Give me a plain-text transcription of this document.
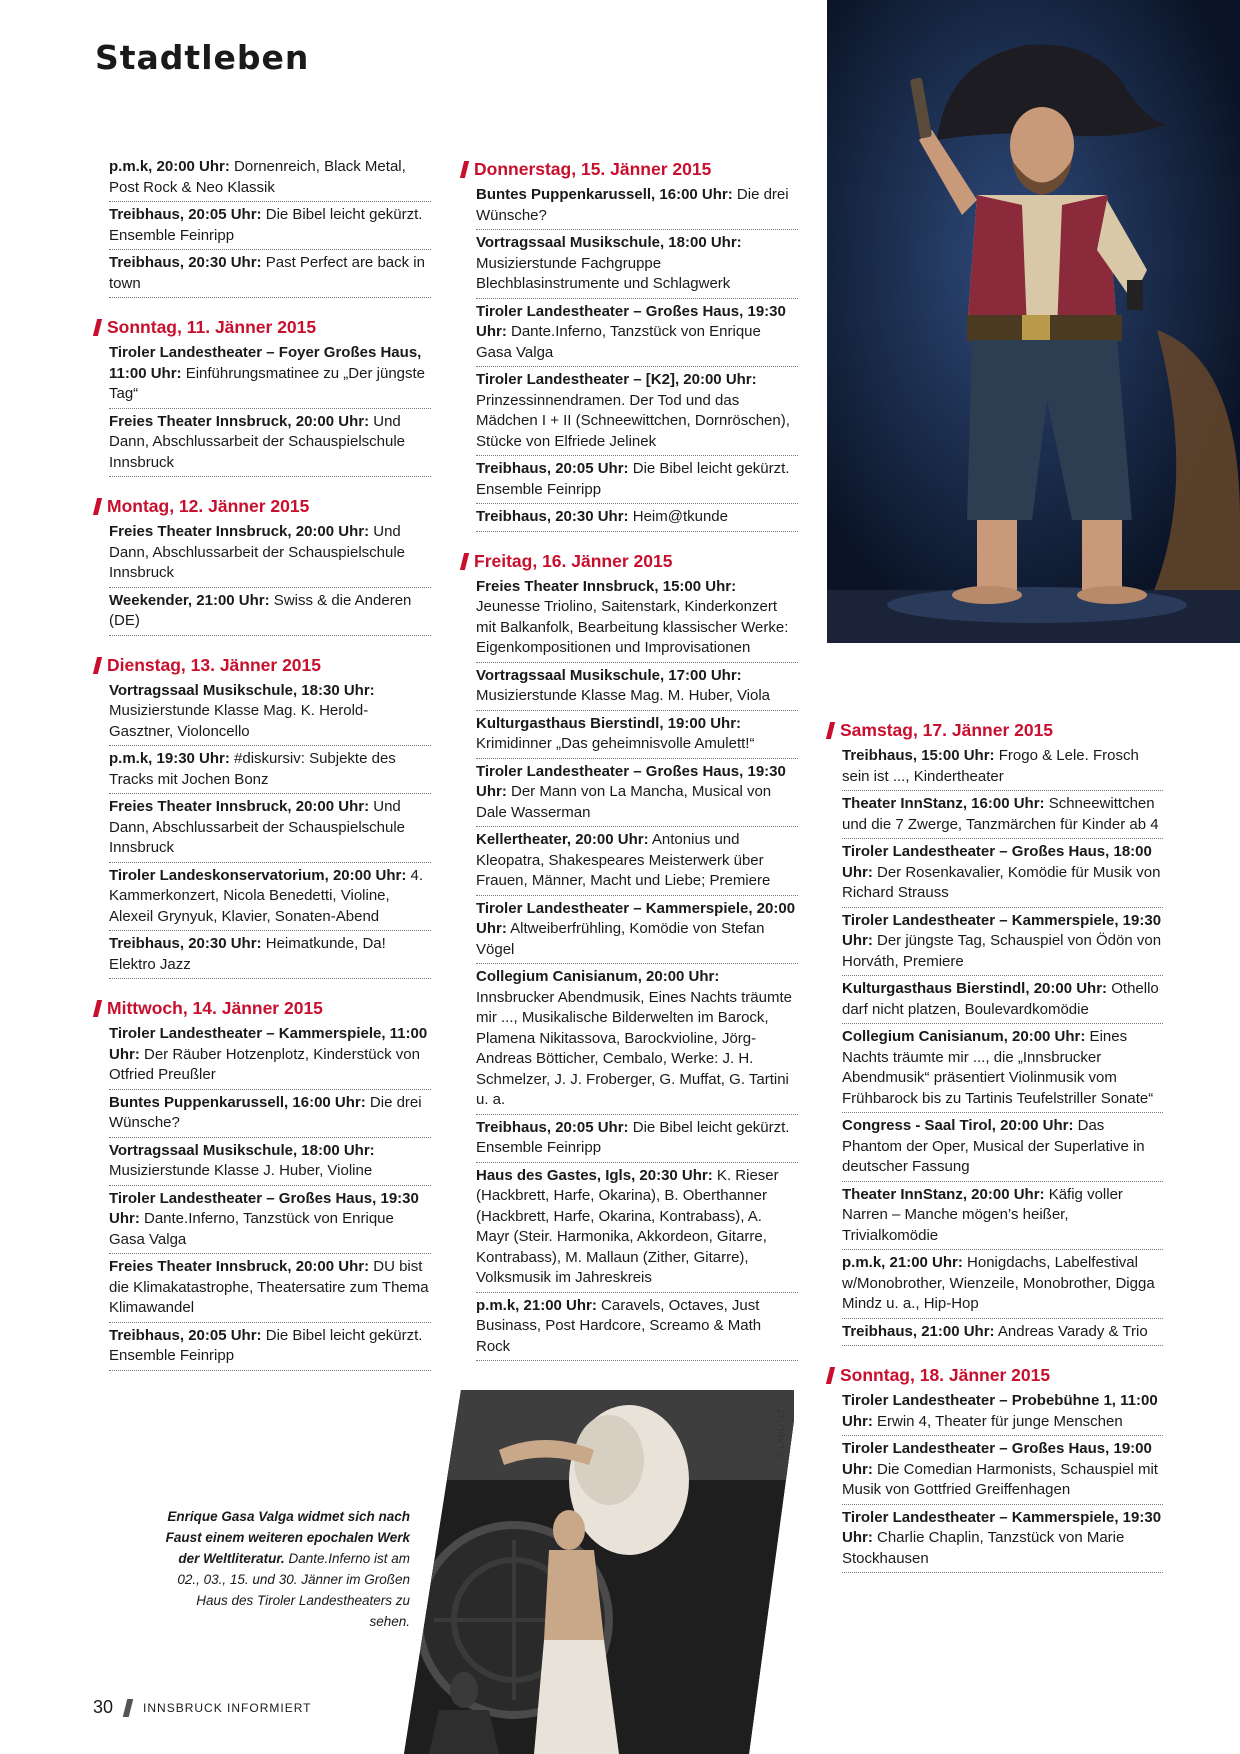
Stadtleben
p.m.k, 20:00 Uhr: Dornenreich, Black Metal, Post Rock & Neo Klassik
Treibhaus, 20:05 Uhr: Die Bibel leicht gekürzt. Ensemble Feinripp
Treibhaus, 20:30 Uhr: Past Perfect are back in town
Sonntag, 11. Jänner 2015
Tiroler Landestheater – Foyer Großes Haus, 11:00 Uhr: Einführungsmatinee zu „Der jüngste Tag“
Freies Theater Innsbruck, 20:00 Uhr: Und Dann, Abschlussarbeit der Schauspielschule Innsbruck
Montag, 12. Jänner 2015
Freies Theater Innsbruck, 20:00 Uhr: Und Dann, Abschlussarbeit der Schauspielschule Innsbruck
Weekender, 21:00 Uhr: Swiss & die Anderen (DE)
Dienstag, 13. Jänner 2015
Vortragssaal Musikschule, 18:30 Uhr: Musizierstunde Klasse Mag. K. Herold-Gasztner, Violoncello
p.m.k, 19:30 Uhr: #diskursiv: Subjekte des Tracks mit Jochen Bonz
Freies Theater Innsbruck, 20:00 Uhr: Und Dann, Abschlussarbeit der Schauspielschule Innsbruck
Tiroler Landeskonservatorium, 20:00 Uhr: 4. Kammerkonzert, Nicola Benedetti, Violine, Alexeil Grynyuk, Klavier, Sonaten-Abend
Treibhaus, 20:30 Uhr: Heimatkunde, Da! Elektro Jazz
Mittwoch, 14. Jänner 2015
Tiroler Landestheater – Kammerspiele, 11:00 Uhr: Der Räuber Hotzenplotz, Kinderstück von Otfried Preußler
Buntes Puppenkarussell, 16:00 Uhr: Die drei Wünsche?
Vortragssaal Musikschule, 18:00 Uhr: Musizierstunde Klasse J. Huber, Violine
Tiroler Landestheater – Großes Haus, 19:30 Uhr: Dante.Inferno, Tanzstück von Enrique Gasa Valga
Freies Theater Innsbruck, 20:00 Uhr: DU bist die Klimakatastrophe, Theatersatire zum Thema Klimawandel
Treibhaus, 20:05 Uhr: Die Bibel leicht gekürzt. Ensemble Feinripp
Donnerstag, 15. Jänner 2015
Buntes Puppenkarussell, 16:00 Uhr: Die drei Wünsche?
Vortragssaal Musikschule, 18:00 Uhr: Musizierstunde Fachgruppe Blechblasinstrumente und Schlagwerk
Tiroler Landestheater – Großes Haus, 19:30 Uhr: Dante.Inferno, Tanzstück von Enrique Gasa Valga
Tiroler Landestheater – [K2], 20:00 Uhr: Prinzessinnendramen. Der Tod und das Mädchen I + II (Schneewittchen, Dornröschen), Stücke von Elfriede Jelinek
Treibhaus, 20:05 Uhr: Die Bibel leicht gekürzt. Ensemble Feinripp
Treibhaus, 20:30 Uhr: Heim@tkunde
Freitag, 16. Jänner 2015
Freies Theater Innsbruck, 15:00 Uhr: Jeunesse Triolino, Saitenstark, Kinderkonzert mit Balkanfolk, Bearbeitung klassischer Werke: Eigenkompositionen und Improvisationen
Vortragssaal Musikschule, 17:00 Uhr: Musizierstunde Klasse Mag. M. Huber, Viola
Kulturgasthaus Bierstindl, 19:00 Uhr: Krimidinner „Das geheimnisvolle Amulett!“
Tiroler Landestheater – Großes Haus, 19:30 Uhr: Der Mann von La Mancha, Musical von Dale Wasserman
Kellertheater, 20:00 Uhr: Antonius und Kleopatra, Shakespeares Meisterwerk über Frauen, Männer, Macht und Liebe; Premiere
Tiroler Landestheater – Kammerspiele, 20:00 Uhr: Altweiberfrühling, Komödie von Stefan Vögel
Collegium Canisianum, 20:00 Uhr: Innsbrucker Abendmusik, Eines Nachts träumte mir ..., Musikalische Bilderwelten im Barock, Plamena Nikitassova, Barockvioline, Jörg-Andreas Bötticher, Cembalo, Werke: J. H. Schmelzer, J. J. Froberger, G. Muffat, G. Tartini u. a.
Treibhaus, 20:05 Uhr: Die Bibel leicht gekürzt. Ensemble Feinripp
Haus des Gastes, Igls, 20:30 Uhr: K. Rieser (Hackbrett, Harfe, Okarina), B. Oberthanner (Hackbrett, Harfe, Okarina, Kontrabass), A. Mayr (Steir. Harmonika, Akkordeon, Gitarre, Kontrabass), M. Mallaun (Zither, Gitarre), Volksmusik im Jahreskreis
p.m.k, 21:00 Uhr: Caravels, Octaves, Just Businass, Post Hardcore, Screamo & Math Rock
Samstag, 17. Jänner 2015
Treibhaus, 15:00 Uhr: Frogo & Lele. Frosch sein ist ..., Kindertheater
Theater InnStanz, 16:00 Uhr: Schneewittchen und die 7 Zwerge, Tanzmärchen für Kinder ab 4
Tiroler Landestheater – Großes Haus, 18:00 Uhr: Der Rosenkavalier, Komödie für Musik von Richard Strauss
Tiroler Landestheater – Kammerspiele, 19:30 Uhr: Der jüngste Tag, Schauspiel von Ödön von Horváth, Premiere
Kulturgasthaus Bierstindl, 20:00 Uhr: Othello darf nicht platzen, Boulevardkomödie
Collegium Canisianum, 20:00 Uhr: Eines Nachts träumte mir ..., die „Innsbrucker Abendmusik“ präsentiert Violinmusik vom Frühbarock bis zu Tartinis Teufelstriller Sonate“
Congress - Saal Tirol, 20:00 Uhr: Das Phantom der Oper, Musical der Superlative in deutscher Fassung
Theater InnStanz, 20:00 Uhr: Käfig voller Narren – Manche mögen’s heißer, Trivialkomödie
p.m.k, 21:00 Uhr: Honigdachs, Labelfestival w/Monobrother, Wienzeile, Monobrother, Digga Mindz u. a., Hip-Hop
Treibhaus, 21:00 Uhr: Andreas Varady & Trio
Sonntag, 18. Jänner 2015
Tiroler Landestheater – Probebühne 1, 11:00 Uhr: Erwin 4, Theater für junge Menschen
Tiroler Landestheater – Großes Haus, 19:00 Uhr: Die Comedian Harmonists, Schauspiel mit Musik von Gottfried Greiffenhagen
Tiroler Landestheater – Kammerspiele, 19:30 Uhr: Charlie Chaplin, Tanzstück von Marie Stockhausen
© LARL/TLT
Enrique Gasa Valga widmet sich nach Faust einem weiteren epochalen Werk der Weltliteratur. Dante.Inferno ist am 02., 03., 15. und 30. Jänner im Großen Haus des Tiroler Landestheaters zu sehen.
30	INNSBRUCK INFORMIERT
